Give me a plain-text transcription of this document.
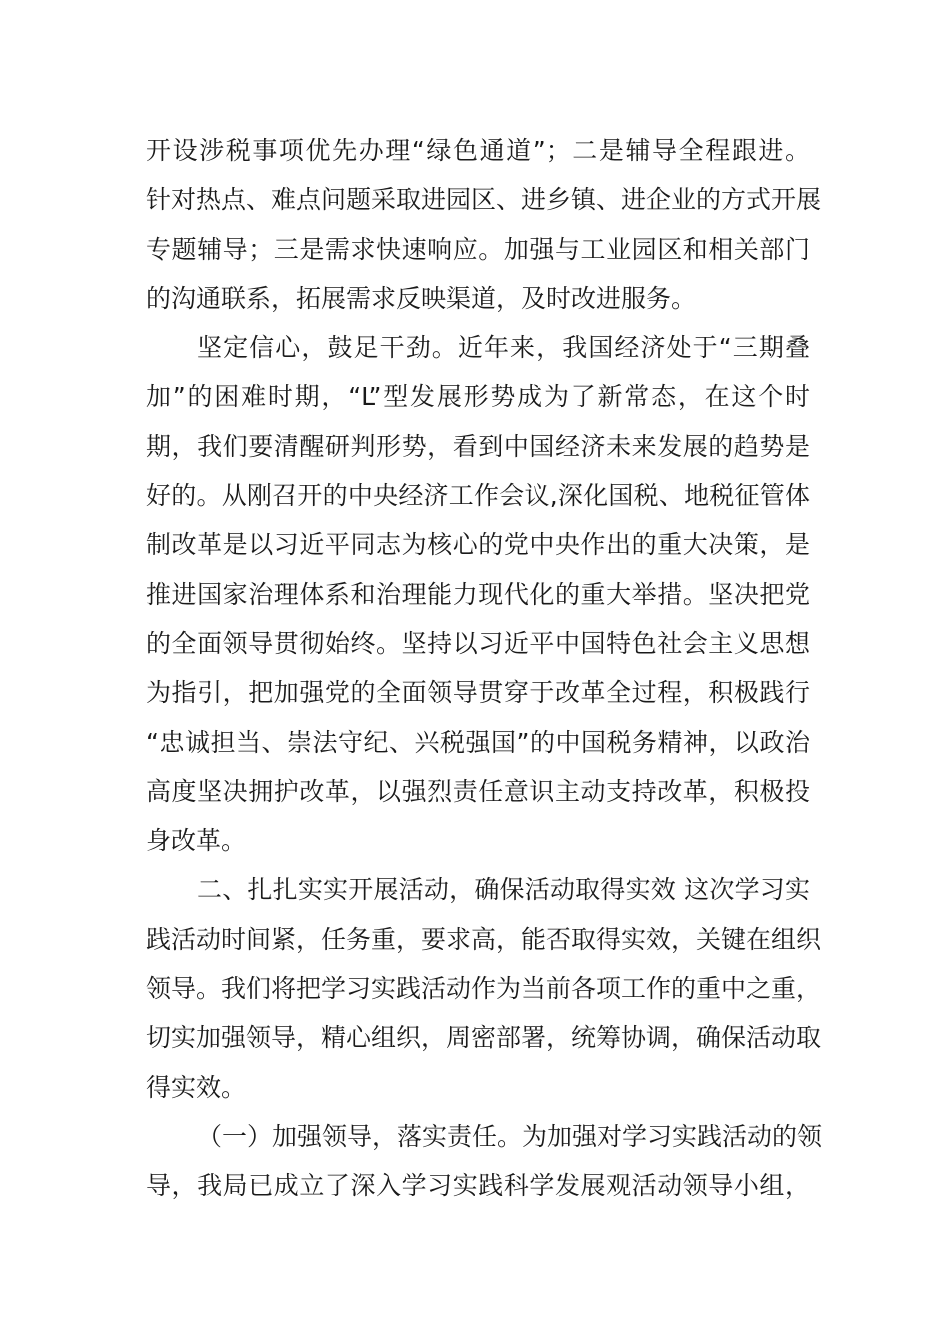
开设涉税事项优先办理“绿色通道”；二是辅导全程跟进。
针对热点、难点问题采取进园区、进乡镇、进企业的方式开展
专题辅导；三是需求快速响应。加强与工业园区和相关部门
的沟通联系，拓展需求反映渠道，及时改进服务。
坚定信心，鼓足干劲。近年来，我国经济处于“三期叠
加”的困难时期，“L”型发展形势成为了新常态，在这个时
期，我们要清醒研判形势，看到中国经济未来发展的趋势是
好的。从刚召开的中央经济工作会议,深化国税、地税征管体
制改革是以习近平同志为核心的党中央作出的重大决策，是
推进国家治理体系和治理能力现代化的重大举措。坚决把党
的全面领导贯彻始终。坚持以习近平中国特色社会主义思想
为指引，把加强党的全面领导贯穿于改革全过程，积极践行
“忠诚担当、崇法守纪、兴税强国”的中国税务精神，以政治
高度坚决拥护改革，以强烈责任意识主动支持改革，积极投
身改革。
二、扎扎实实开展活动，确保活动取得实效 这次学习实
践活动时间紧，任务重，要求高，能否取得实效，关键在组织
领导。我们将把学习实践活动作为当前各项工作的重中之重，
切实加强领导，精心组织，周密部署，统筹协调，确保活动取
得实效。
（一）加强领导，落实责任。为加强对学习实践活动的领
导，我局已成立了深入学习实践科学发展观活动领导小组，
